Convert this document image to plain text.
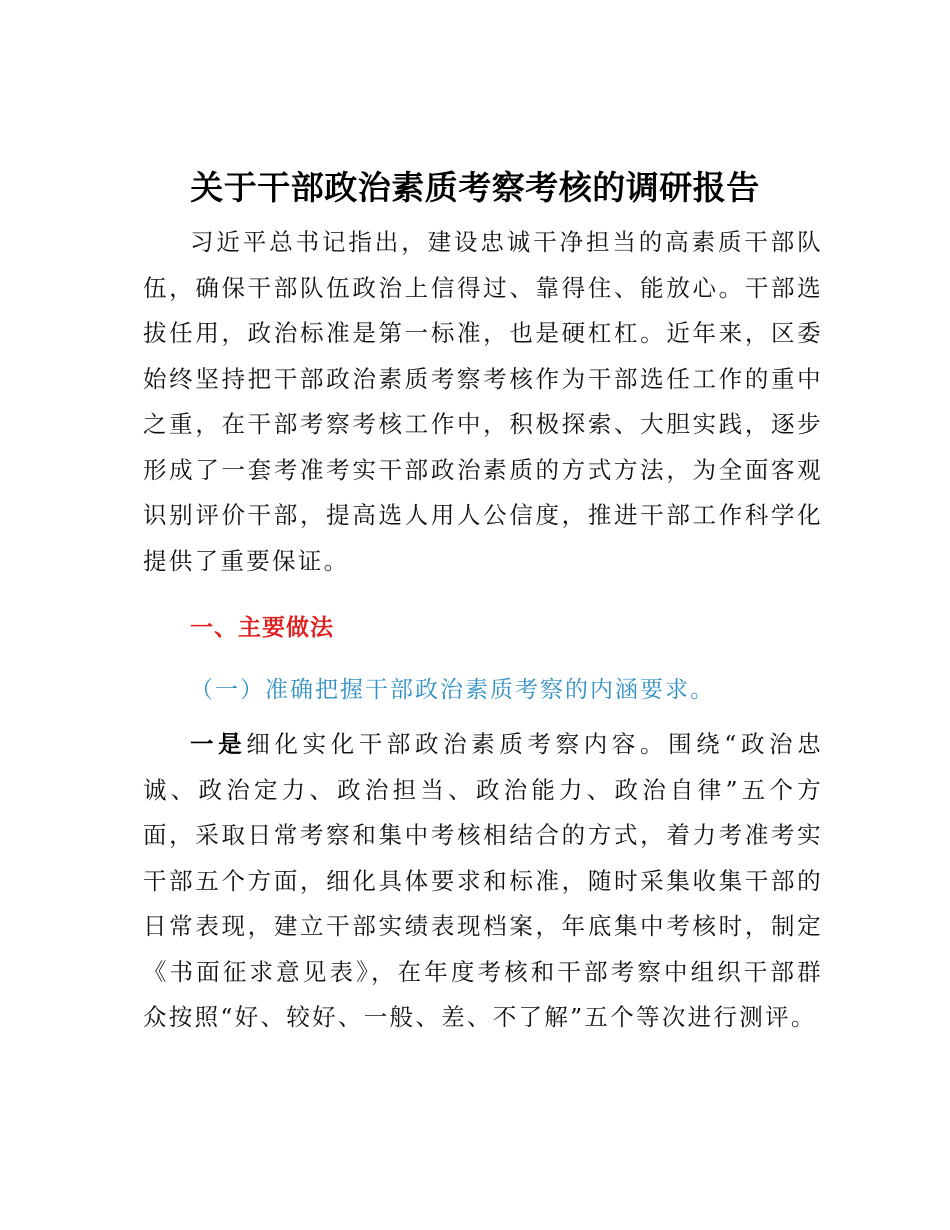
关于干部政治素质考察考核的调研报告

习近平总书记指出，建设忠诚干净担当的高素质干部队伍，确保干部队伍政治上信得过、靠得住、能放心。干部选拔任用，政治标准是第一标准，也是硬杠杠。近年来，区委始终坚持把干部政治素质考察考核作为干部选任工作的重中之重，在干部考察考核工作中，积极探索、大胆实践，逐步形成了一套考准考实干部政治素质的方式方法，为全面客观识别评价干部，提高选人用人公信度，推进干部工作科学化提供了重要保证。

一、主要做法
（一）准确把握干部政治素质考察的内涵要求。

一是细化实化干部政治素质考察内容。围绕“政治忠诚、政治定力、政治担当、政治能力、政治自律”五个方面，采取日常考察和集中考核相结合的方式，着力考准考实干部五个方面，细化具体要求和标准，随时采集收集干部的日常表现，建立干部实绩表现档案，年底集中考核时，制定《书面征求意见表》，在年度考核和干部考察中组织干部群众按照“好、较好、一般、差、不了解”五个等次进行测评。
